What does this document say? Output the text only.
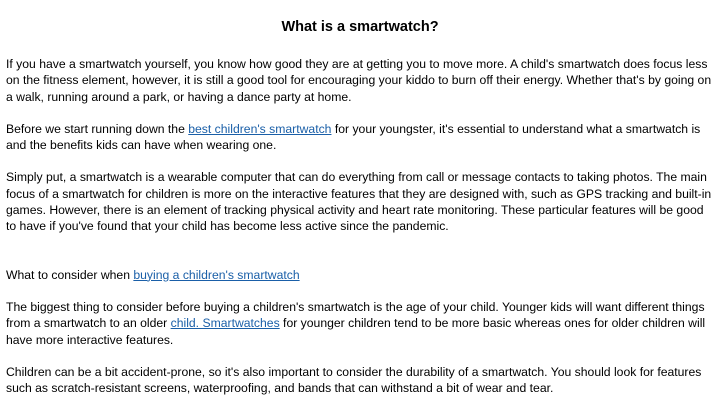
What is a smartwatch?

If you have a smartwatch yourself, you know how good they are at getting you to move more. A child's smartwatch does focus less on the fitness element, however, it is still a good tool for encouraging your kiddo to burn off their energy. Whether that's by going on a walk, running around a park, or having a dance party at home.

Before we start running down the best children's smartwatch for your youngster, it's essential to understand what a smartwatch is and the benefits kids can have when wearing one.

Simply put, a smartwatch is a wearable computer that can do everything from call or message contacts to taking photos. The main focus of a smartwatch for children is more on the interactive features that they are designed with, such as GPS tracking and built-in games. However, there is an element of tracking physical activity and heart rate monitoring. These particular features will be good to have if you've found that your child has become less active since the pandemic.

What to consider when buying a children's smartwatch

The biggest thing to consider before buying a children's smartwatch is the age of your child. Younger kids will want different things from a smartwatch to an older child. Smartwatches for younger children tend to be more basic whereas ones for older children will have more interactive features.

Children can be a bit accident-prone, so it's also important to consider the durability of a smartwatch. You should look for features such as scratch-resistant screens, waterproofing, and bands that can withstand a bit of wear and tear.
